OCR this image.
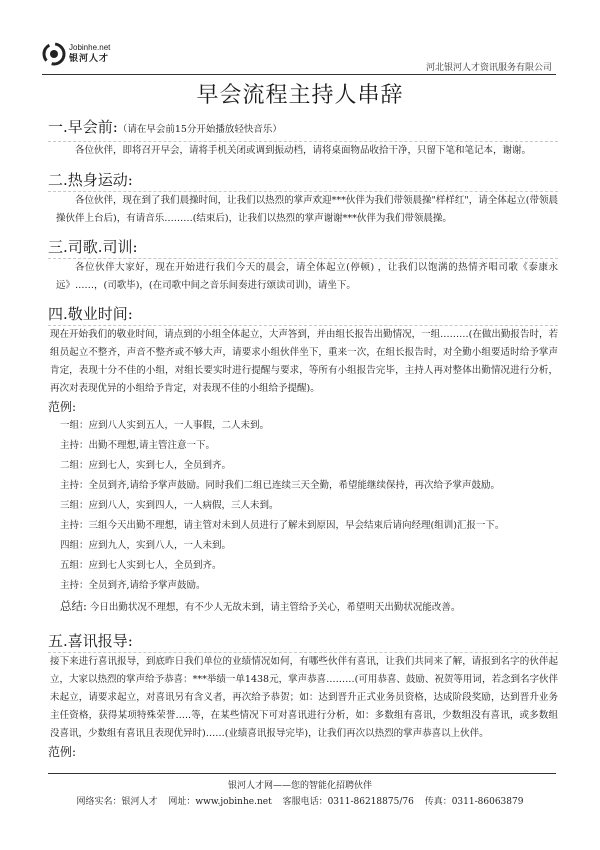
Jobinhe.net
银河人才
河北银河人才资讯服务有限公司
早会流程主持人串辞
一.早会前:（请在早会前15分开始播放轻快音乐）
各位伙伴，即将召开早会，请将手机关闭或调到振动档，请将桌面物品收拾干净，只留下笔和笔记本，谢谢。
二.热身运动:
各位伙伴，现在到了我们晨操时间，让我们以热烈的掌声欢迎***伙伴为我们带领晨操"样样红"，请全体起立(带领晨操伙伴上台后)，有请音乐………(结束后)，让我们以热烈的掌声谢谢***伙伴为我们带领晨操。
三.司歌.司训:
各位伙伴大家好，现在开始进行我们今天的晨会，请全体起立(停顿) ，让我们以饱满的热情齐唱司歌《泰康永远》……，(司歌毕)，(在司歌中间之音乐间奏进行颂读司训)，请坐下。
四.敬业时间:
现在开始我们的敬业时间，请点到的小组全体起立，大声答到，并由组长报告出勤情况，一组………(在做出勤报告时，若组员起立不整齐，声音不整齐或不够大声，请要求小组伙伴坐下，重来一次，在组长报告时，对全勤小组要适时给予掌声肯定，表现十分不佳的小组，对组长要实时进行提醒与要求，等所有小组报告完毕，主持人再对整体出勤情况进行分析，再次对表现优异的小组给予肯定，对表现不佳的小组给予提醒)。
范例:
一组：应到八人实到五人，一人事假，二人未到。
主持：出勤不理想,请主管注意一下。
二组：应到七人，实到七人，全员到齐。
主持：全员到齐,请给予掌声鼓励。同时我们二组已连续三天全勤，希望能继续保持，再次给予掌声鼓励。
三组：应到八人，实到四人，一人病假，三人未到。
主持：三组今天出勤不理想，请主管对未到人员进行了解未到原因，早会结束后请向经理(组训)汇报一下。
四组：应到九人，实到八人，一人未到。
五组：应到七人实到七人，全员到齐。
主持：全员到齐,请给予掌声鼓励。
总结: 今日出勤状况不理想，有不少人无故未到，请主管给予关心，希望明天出勤状况能改善。
五.喜讯报导:
接下来进行喜讯报导，到底昨日我们单位的业绩情况如何，有哪些伙伴有喜讯，让我们共同来了解，请报到名字的伙伴起立，大家以热烈的掌声给予恭喜：***举绩一单1438元，掌声恭喜………(可用恭喜、鼓励、祝贺等用词，若念到名字伙伴未起立，请要求起立，对喜讯另有含义者，再次给予恭贺；如：达到晋升正式业务员资格，达成阶段奖励，达到晋升业务主任资格，获得某项特殊荣誉…..等，在某些情况下可对喜讯进行分析，如：多数组有喜讯，少数组没有喜讯，或多数组没喜讯，少数组有喜讯且表现优异时)……(业绩喜讯报导完毕)，让我们再次以热烈的掌声恭喜以上伙伴。
范例:
银河人才网——您的智能化招聘伙伴
网络实名：银河人才 网址：www.jobinhe.net 客服电话：0311-86218875/76 传真：0311-86063879
